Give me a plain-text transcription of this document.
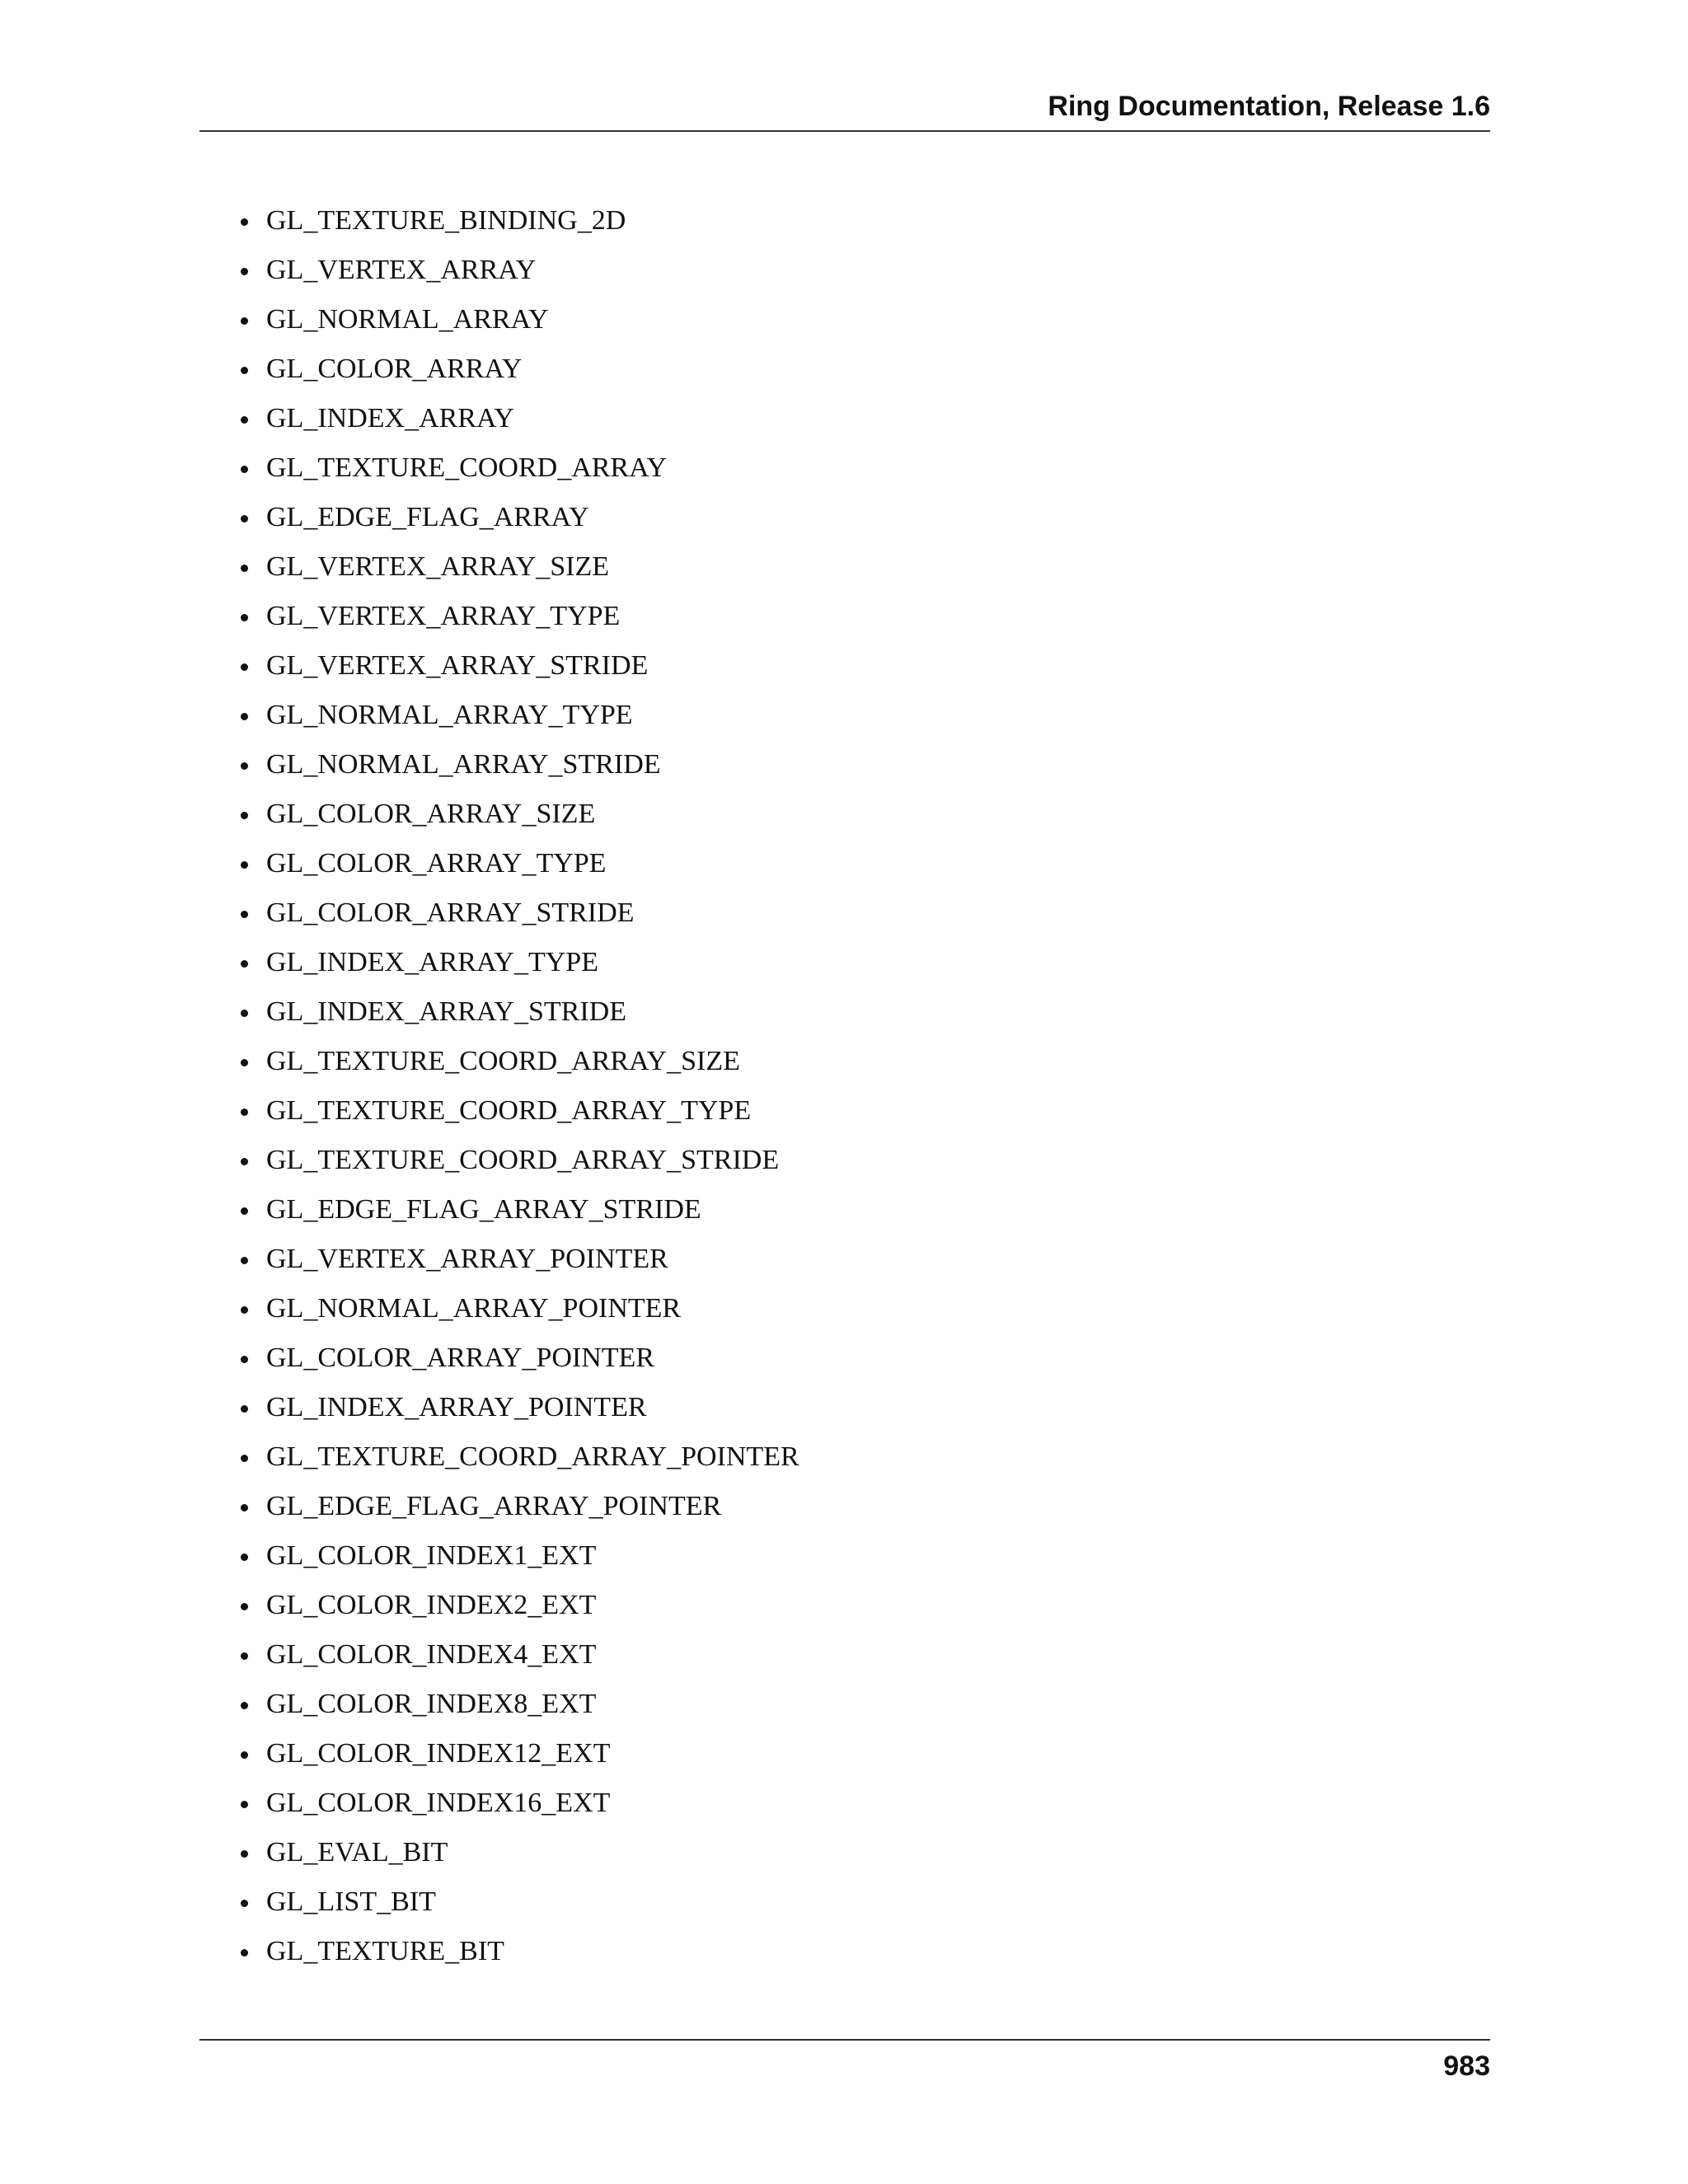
Ring Documentation, Release 1.6
GL_TEXTURE_BINDING_2D
GL_VERTEX_ARRAY
GL_NORMAL_ARRAY
GL_COLOR_ARRAY
GL_INDEX_ARRAY
GL_TEXTURE_COORD_ARRAY
GL_EDGE_FLAG_ARRAY
GL_VERTEX_ARRAY_SIZE
GL_VERTEX_ARRAY_TYPE
GL_VERTEX_ARRAY_STRIDE
GL_NORMAL_ARRAY_TYPE
GL_NORMAL_ARRAY_STRIDE
GL_COLOR_ARRAY_SIZE
GL_COLOR_ARRAY_TYPE
GL_COLOR_ARRAY_STRIDE
GL_INDEX_ARRAY_TYPE
GL_INDEX_ARRAY_STRIDE
GL_TEXTURE_COORD_ARRAY_SIZE
GL_TEXTURE_COORD_ARRAY_TYPE
GL_TEXTURE_COORD_ARRAY_STRIDE
GL_EDGE_FLAG_ARRAY_STRIDE
GL_VERTEX_ARRAY_POINTER
GL_NORMAL_ARRAY_POINTER
GL_COLOR_ARRAY_POINTER
GL_INDEX_ARRAY_POINTER
GL_TEXTURE_COORD_ARRAY_POINTER
GL_EDGE_FLAG_ARRAY_POINTER
GL_COLOR_INDEX1_EXT
GL_COLOR_INDEX2_EXT
GL_COLOR_INDEX4_EXT
GL_COLOR_INDEX8_EXT
GL_COLOR_INDEX12_EXT
GL_COLOR_INDEX16_EXT
GL_EVAL_BIT
GL_LIST_BIT
GL_TEXTURE_BIT
983
